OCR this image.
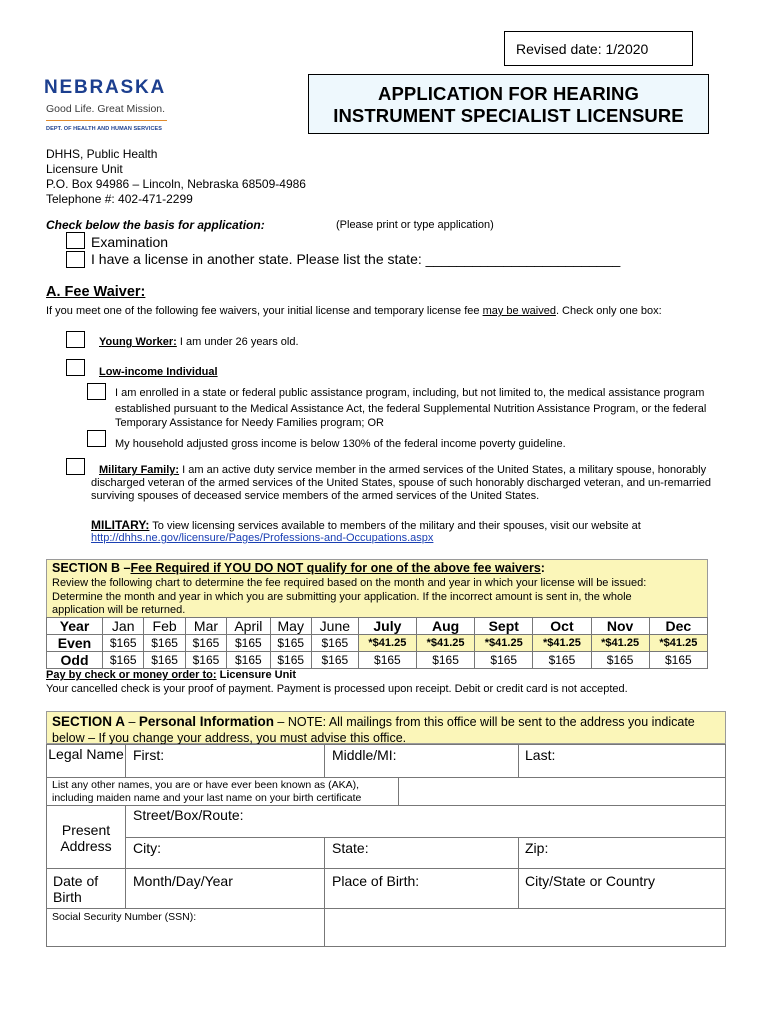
Revised date: 1/2020
NEBRASKA
Good Life. Great Mission.
DEPT. OF HEALTH AND HUMAN SERVICES
APPLICATION FOR HEARING
INSTRUMENT SPECIALIST LICENSURE
DHHS, Public Health
Licensure Unit
P.O. Box 94986 – Lincoln, Nebraska 68509-4986
Telephone #: 402-471-2299
Check below the basis for application:	(Please print or type application)
Examination
I have a license in another state. Please list the state: _________________________
A. Fee Waiver:
If you meet one of the following fee waivers, your initial license and temporary license fee may be waived. Check only one box:
Young Worker: I am under 26 years old.
Low-income Individual
I am enrolled in a state or federal public assistance program, including, but not limited to, the medical assistance program
established pursuant to the Medical Assistance Act, the federal Supplemental Nutrition Assistance Program, or the federal
Temporary Assistance for Needy Families program; OR
My household adjusted gross income is below 130% of the federal income poverty guideline.
Military Family: I am an active duty service member in the armed services of the United States, a military spouse, honorably
discharged veteran of the armed services of the United States, spouse of such honorably discharged veteran, and un-remarried
surviving spouses of deceased service members of the armed services of the United States.
MILITARY: To view licensing services available to members of the military and their spouses, visit our website at
http://dhhs.ne.gov/licensure/Pages/Professions-and-Occupations.aspx
SECTION B –Fee Required if YOU DO NOT qualify for one of the above fee waivers:
Review the following chart to determine the fee required based on the month and year in which your license will be issued:
Determine the month and year in which you are submitting your application. If the incorrect amount is sent in, the whole
application will be returned.
Year	Jan	Feb	Mar	April	May	June	July	Aug	Sept	Oct	Nov	Dec
Even	$165	$165	$165	$165	$165	$165	*$41.25	*$41.25	*$41.25	*$41.25	*$41.25	*$41.25
Odd	$165	$165	$165	$165	$165	$165	$165	$165	$165	$165	$165	$165
Pay by check or money order to: Licensure Unit
Your cancelled check is your proof of payment. Payment is processed upon receipt. Debit or credit card is not accepted.
SECTION A – Personal Information – NOTE: All mailings from this office will be sent to the address you indicate
below – If you change your address, you must advise this office.
Legal Name First:	Middle/MI:	Last:
List any other names, you are or have ever been known as (AKA),
including maiden name and your last name on your birth certificate
Present Address
Street/Box/Route:
City:	State:	Zip:
Date of Birth
Month/Day/Year	Place of Birth:	City/State or Country
Social Security Number (SSN):
